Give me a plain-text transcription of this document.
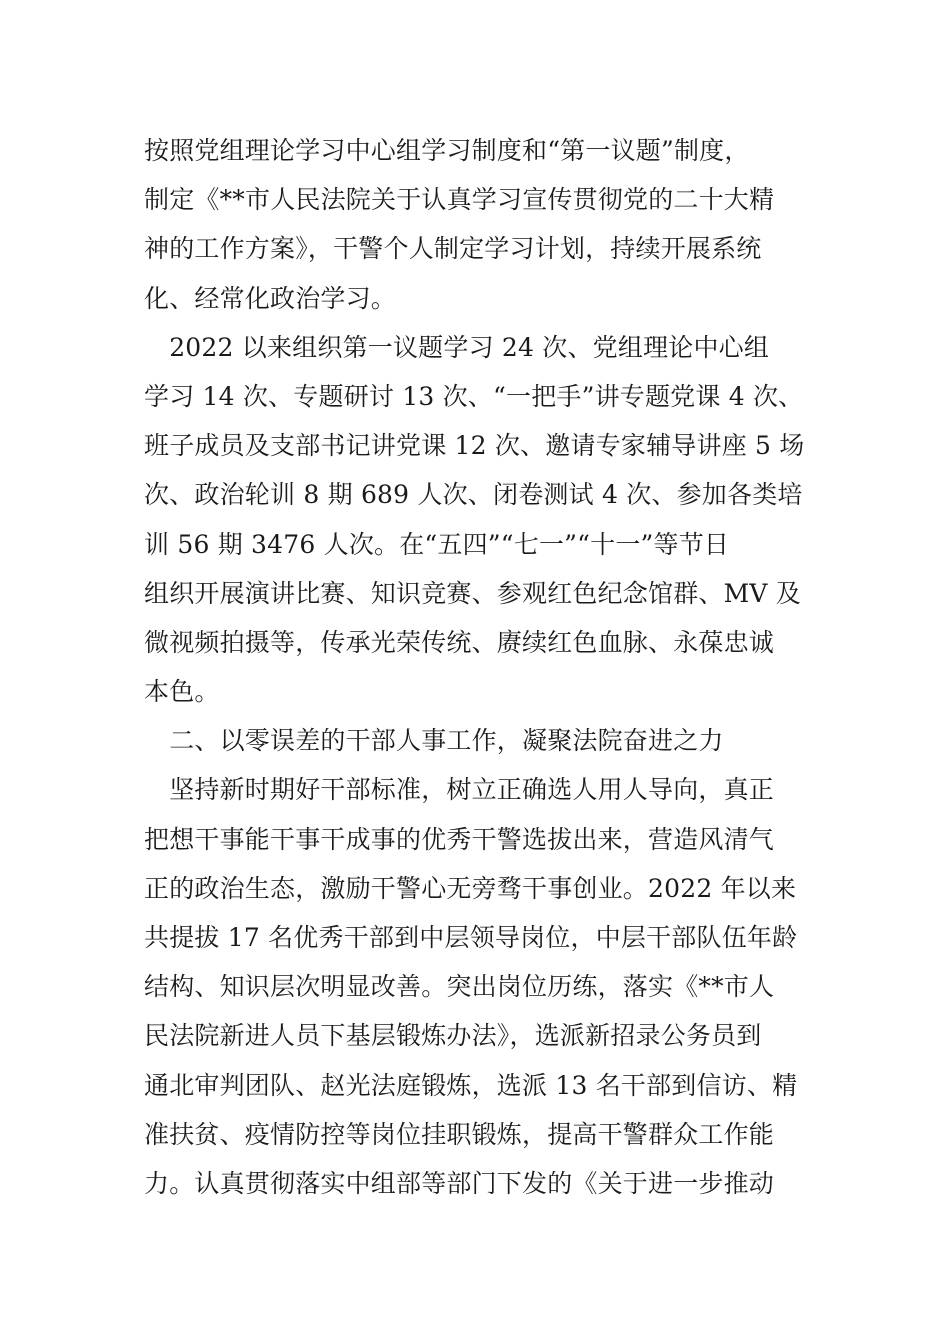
按照党组理论学习中心组学习制度和“第一议题”制度，
制定《**市人民法院关于认真学习宣传贯彻党的二十大精
神的工作方案》，干警个人制定学习计划，持续开展系统
化、经常化政治学习。
　2022 以来组织第一议题学习 24 次、党组理论中心组
学习 14 次、专题研讨 13 次、“一把手”讲专题党课 4 次、
班子成员及支部书记讲党课 12 次、邀请专家辅导讲座 5 场
次、政治轮训 8 期 689 人次、闭卷测试 4 次、参加各类培
训 56 期 3476 人次。在“五四”“七一”“十一”等节日
组织开展演讲比赛、知识竞赛、参观红色纪念馆群、MV 及
微视频拍摄等，传承光荣传统、赓续红色血脉、永葆忠诚
本色。
　二、以零误差的干部人事工作，凝聚法院奋进之力
　坚持新时期好干部标准，树立正确选人用人导向，真正
把想干事能干事干成事的优秀干警选拔出来，营造风清气
正的政治生态，激励干警心无旁骛干事创业。2022 年以来
共提拔 17 名优秀干部到中层领导岗位，中层干部队伍年龄
结构、知识层次明显改善。突出岗位历练，落实《**市人
民法院新进人员下基层锻炼办法》，选派新招录公务员到
通北审判团队、赵光法庭锻炼，选派 13 名干部到信访、精
准扶贫、疫情防控等岗位挂职锻炼，提高干警群众工作能
力。认真贯彻落实中组部等部门下发的《关于进一步推动
